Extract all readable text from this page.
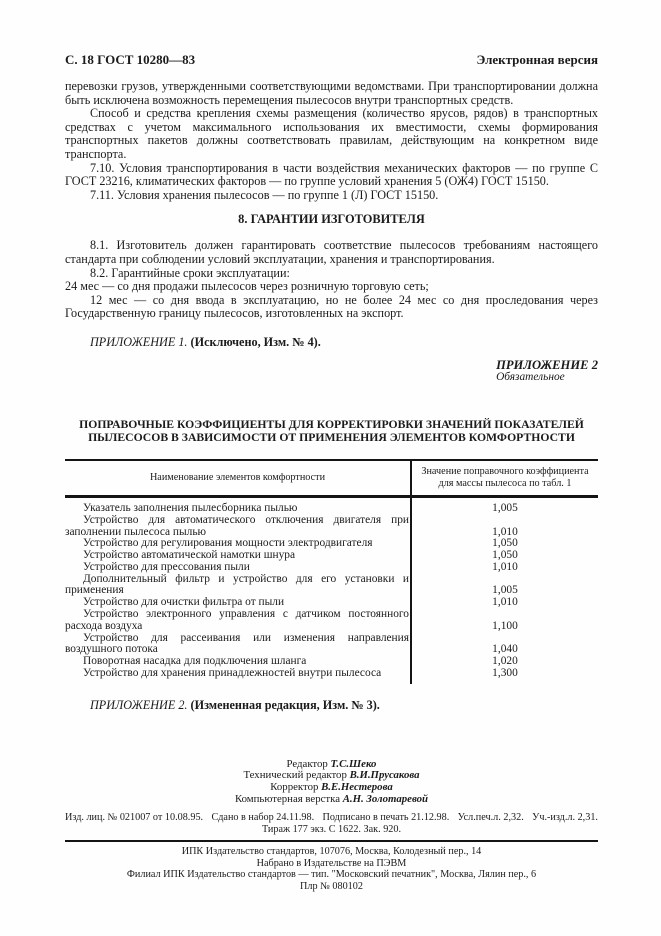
С. 18 ГОСТ 10280—83	Электронная версия

перевозки грузов, утвержденными соответствующими ведомствами. При транспортировании должна быть исключена возможность перемещения пылесосов внутри транспортных средств.

Способ и средства крепления схемы размещения (количество ярусов, рядов) в транспортных средствах с учетом максимального использования их вместимости, схемы формирования транспортных пакетов должны соответствовать правилам, действующим на конкретном виде транспорта.

7.10. Условия транспортирования в части воздействия механических факторов — по группе С ГОСТ 23216, климатических факторов — по группе условий хранения 5 (ОЖ4) ГОСТ 15150.

7.11. Условия хранения пылесосов — по группе 1 (Л) ГОСТ 15150.

8. ГАРАНТИИ ИЗГОТОВИТЕЛЯ

8.1. Изготовитель должен гарантировать соответствие пылесосов требованиям настоящего стандарта при соблюдении условий эксплуатации, хранения и транспортирования.

8.2. Гарантийные сроки эксплуатации:

24 мес — со дня продажи пылесосов через розничную торговую сеть;

12 мес — со дня ввода в эксплуатацию, но не более 24 мес со дня проследования через Государственную границу пылесосов, изготовленных на экспорт.

ПРИЛОЖЕНИЕ 1. (Исключено, Изм. № 4).
ПРИЛОЖЕНИЕ 2
Обязательное
ПОПРАВОЧНЫЕ КОЭФФИЦИЕНТЫ ДЛЯ КОРРЕКТИРОВКИ ЗНАЧЕНИЙ ПОКАЗАТЕЛЕЙ
ПЫЛЕСОСОВ В ЗАВИСИМОСТИ ОТ ПРИМЕНЕНИЯ ЭЛЕМЕНТОВ КОМФОРТНОСТИ
Наименование элементов комфортности
Значение поправочного коэффициента для массы пылесоса по табл. 1
Указатель заполнения пылесборника пылью	1,005
Устройство для автоматического отключения двигателя при заполнении пылесоса пылью	1,010
Устройство для регулирования мощности электродвигателя	1,050
Устройство автоматической намотки шнура	1,050
Устройство для прессования пыли	1,010
Дополнительный фильтр и устройство для его установки и применения	1,005
Устройство для очистки фильтра от пыли	1,010
Устройство электронного управления с датчиком постоянного расхода воздуха	1,100
Устройство для рассеивания или изменения направления воздушного потока	1,040
Поворотная насадка для подключения шланга	1,020
Устройство для хранения принадлежностей внутри пылесоса	1,300
ПРИЛОЖЕНИЕ 2. (Измененная редакция, Изм. № 3).
Редактор Т.С.Шеко
Технический редактор В.И.Прусакова
Корректор В.Е.Нестерова
Компьютерная верстка А.Н. Золотаревой
Изд. лиц. № 021007 от 10.08.95. Сдано в набор 24.11.98. Подписано в печать 21.12.98. Усл.печ.л. 2,32. Уч.-изд.л. 2,31.
Тираж 177 экз. С 1622. Зак. 920.
ИПК Издательство стандартов, 107076, Москва, Колодезный пер., 14
Набрано в Издательстве на ПЭВМ
Филиал ИПК Издательство стандартов — тип. "Московский печатник", Москва, Лялин пер., 6
Плр № 080102
